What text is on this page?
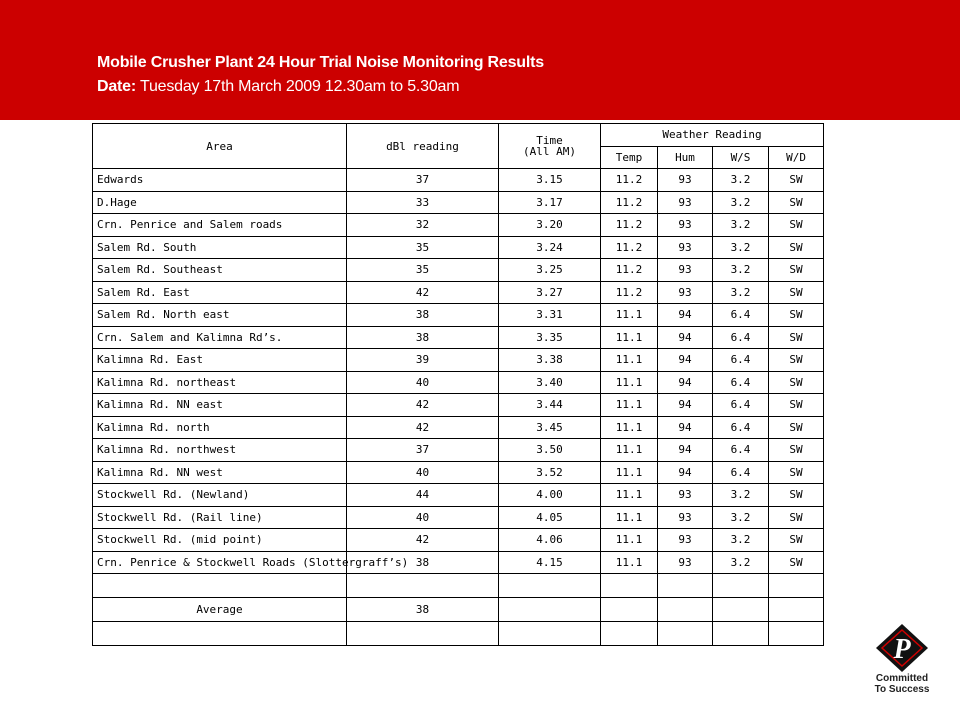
Mobile Crusher Plant 24 Hour Trial Noise Monitoring Results
Date: Tuesday 17th March 2009 12.30am to 5.30am
Area	dBl reading	Time
(All AM)	Weather Reading			
			Temp	Hum	W/S	W/D
Edwards	37	3.15	11.2	93	3.2	SW
D.Hage	33	3.17	11.2	93	3.2	SW
Crn. Penrice and Salem roads	32	3.20	11.2	93	3.2	SW
Salem Rd. South	35	3.24	11.2	93	3.2	SW
Salem Rd. Southeast	35	3.25	11.2	93	3.2	SW
Salem Rd. East	42	3.27	11.2	93	3.2	SW
Salem Rd. North east	38	3.31	11.1	94	6.4	SW
Crn. Salem and Kalimna Rd’s.	38	3.35	11.1	94	6.4	SW
Kalimna Rd. East	39	3.38	11.1	94	6.4	SW
Kalimna Rd. northeast	40	3.40	11.1	94	6.4	SW
Kalimna Rd. NN east	42	3.44	11.1	94	6.4	SW
Kalimna Rd. north	42	3.45	11.1	94	6.4	SW
Kalimna Rd. northwest	37	3.50	11.1	94	6.4	SW
Kalimna Rd. NN west	40	3.52	11.1	94	6.4	SW
Stockwell Rd. (Newland)	44	4.00	11.1	93	3.2	SW
Stockwell Rd. (Rail line)	40	4.05	11.1	93	3.2	SW
Stockwell Rd. (mid point)	42	4.06	11.1	93	3.2	SW
Crn. Penrice & Stockwell Roads (Slottergraff’s)	38	4.15	11.1	93	3.2	SW

Average	38					

P
Committed
To Success
